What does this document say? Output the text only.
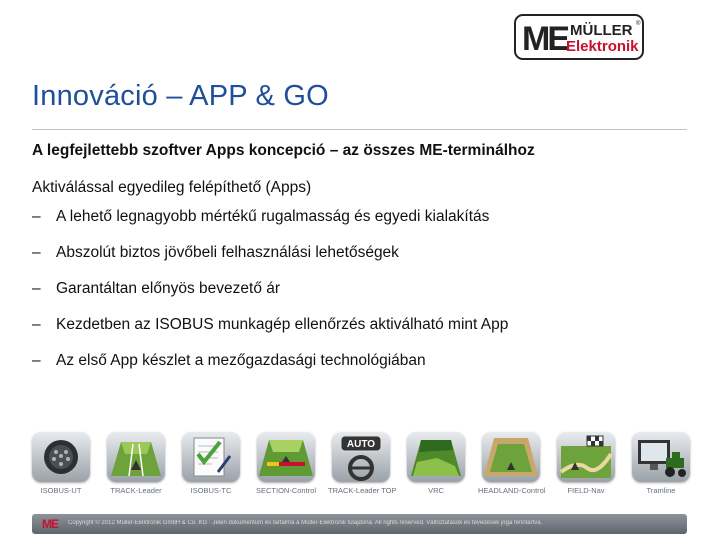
ME MÜLLER ®
Elektronik
Innováció – APP & GO
A legfejlettebb szoftver Apps koncepció – az összes ME-terminálhoz
Aktiválással egyedileg felépíthető (Apps)
– A lehető legnagyobb mértékű rugalmasság és egyedi kialakítás
– Abszolút biztos jövőbeli felhasználási lehetőségek
– Garantáltan előnyös bevezető ár
– Kezdetben az ISOBUS munkagép ellenőrzés aktiválható mint App
– Az első App készlet a mezőgazdasági technológiában
ISOBUS-UT	TRACK-Leader	ISOBUS-TC	SECTION-Control
AUTO
TRACK-Leader TOP	VRC	HEADLAND-Control	FIELD-Nav	Tramline
ME Copyright © 2012 Müller-Elektronik GmbH & Co. KG · Jelen dokumentum és tartalma a Müller-Elektronik tulajdona. All rights reserved. Változtatások és tévedések joga fenntartva.
